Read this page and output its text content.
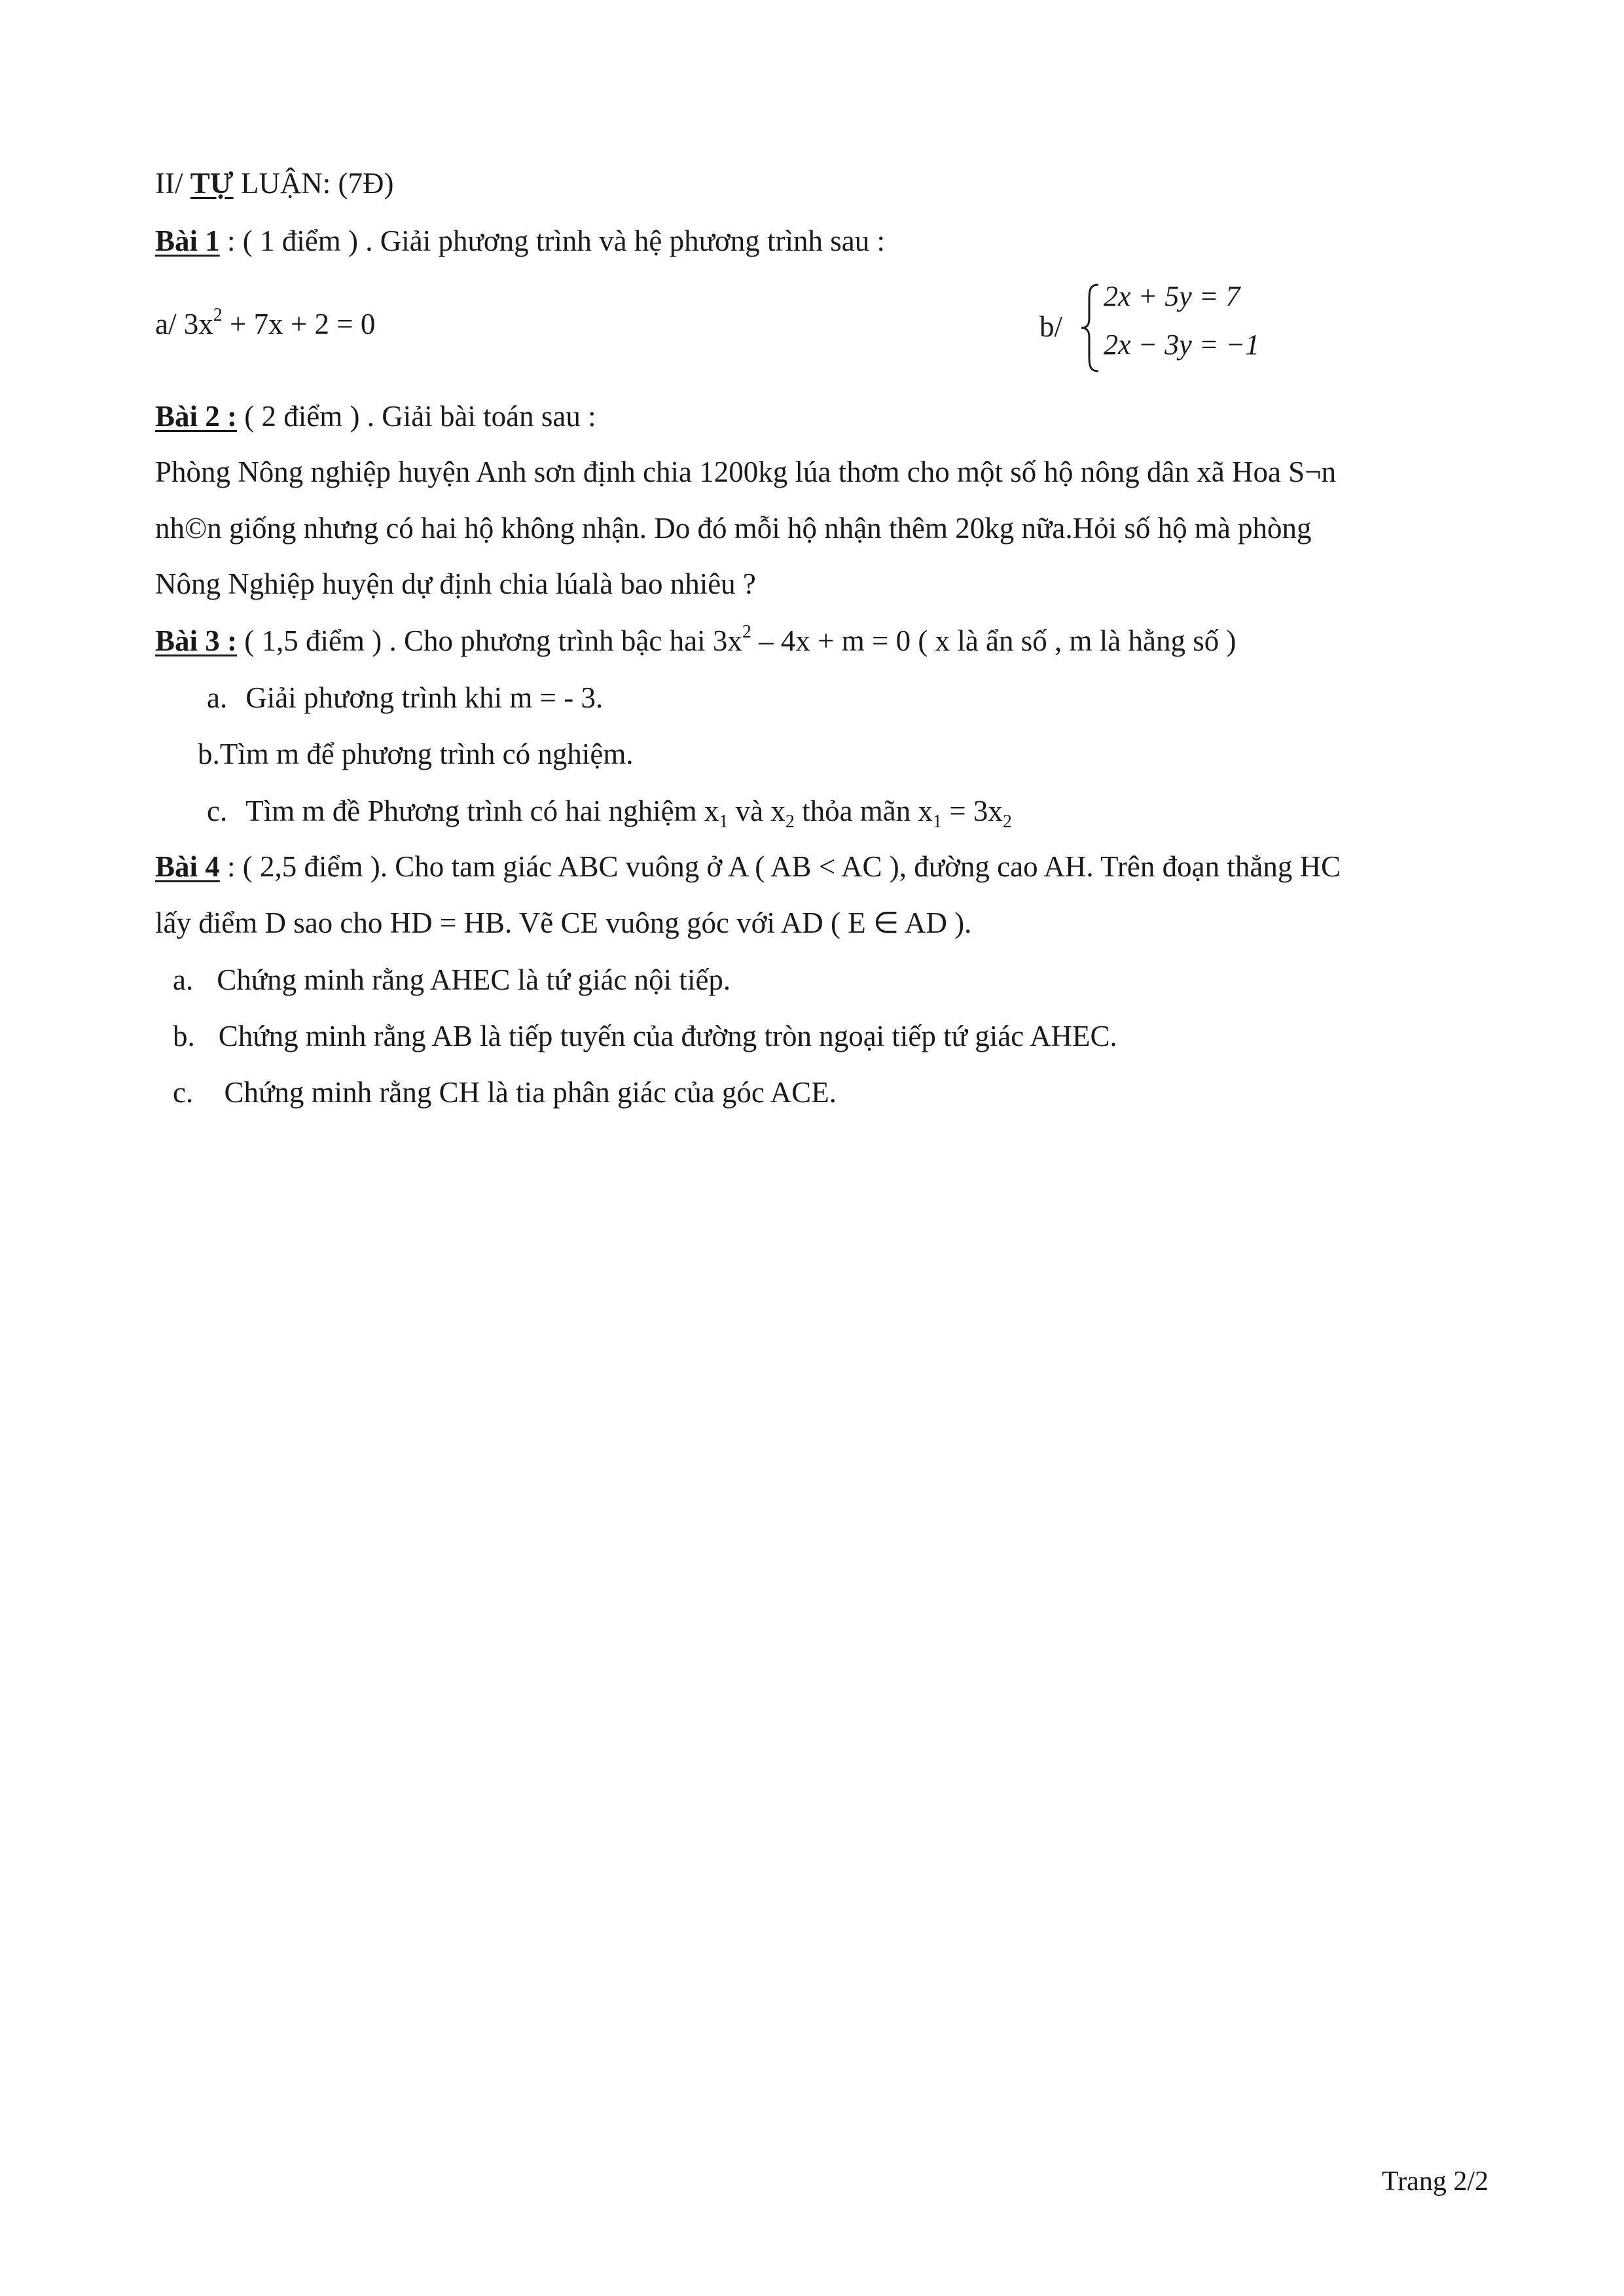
II/ TỰ LUẬN: (7Đ)
Bài 1 : ( 1 điểm ) . Giải phương trình và hệ phương trình sau :
a/ $3x^2 + 7x + 2 = 0$	b/
2x + 5y = 7
2x − 3y = −1
Bài 2 : ( 2 điểm ) . Giải bài toán sau :
Phòng Nông nghiệp huyện Anh sơn định chia 1200kg lúa thơm cho một số hộ nông dân xã Hoa S¬n
nh©n giống nhưng có hai hộ không nhận. Do đó mỗi hộ nhận thêm 20kg nữa.Hỏi số hộ mà phòng
Nông Nghiệp huyện dự định chia lúalà bao nhiêu ?
Bài 3 : ( 1,5 điểm ) . Cho phương trình bậc hai $3x^2 - 4x + m = 0$ ( x là ẩn số , m là hằng số )
a. Giải phương trình khi m = - 3.
b.Tìm m để phương trình có nghiệm.
c. Tìm m đề Phương trình có hai nghiệm $x_1$ và $x_2$ thỏa mãn $x_1 = 3x_2$
Bài 4 : ( 2,5 điểm ). Cho tam giác ABC vuông ở A ( AB < AC ), đường cao AH. Trên đoạn thẳng HC
lấy điểm D sao cho HD = HB. Vẽ CE vuông góc với AD ( E ∈ AD ).
a. Chứng minh rằng AHEC là tứ giác nội tiếp.
b. Chứng minh rằng AB là tiếp tuyến của đường tròn ngoại tiếp tứ giác AHEC.
c. Chứng minh rằng CH là tia phân giác của góc ACE.
Trang 2/2
